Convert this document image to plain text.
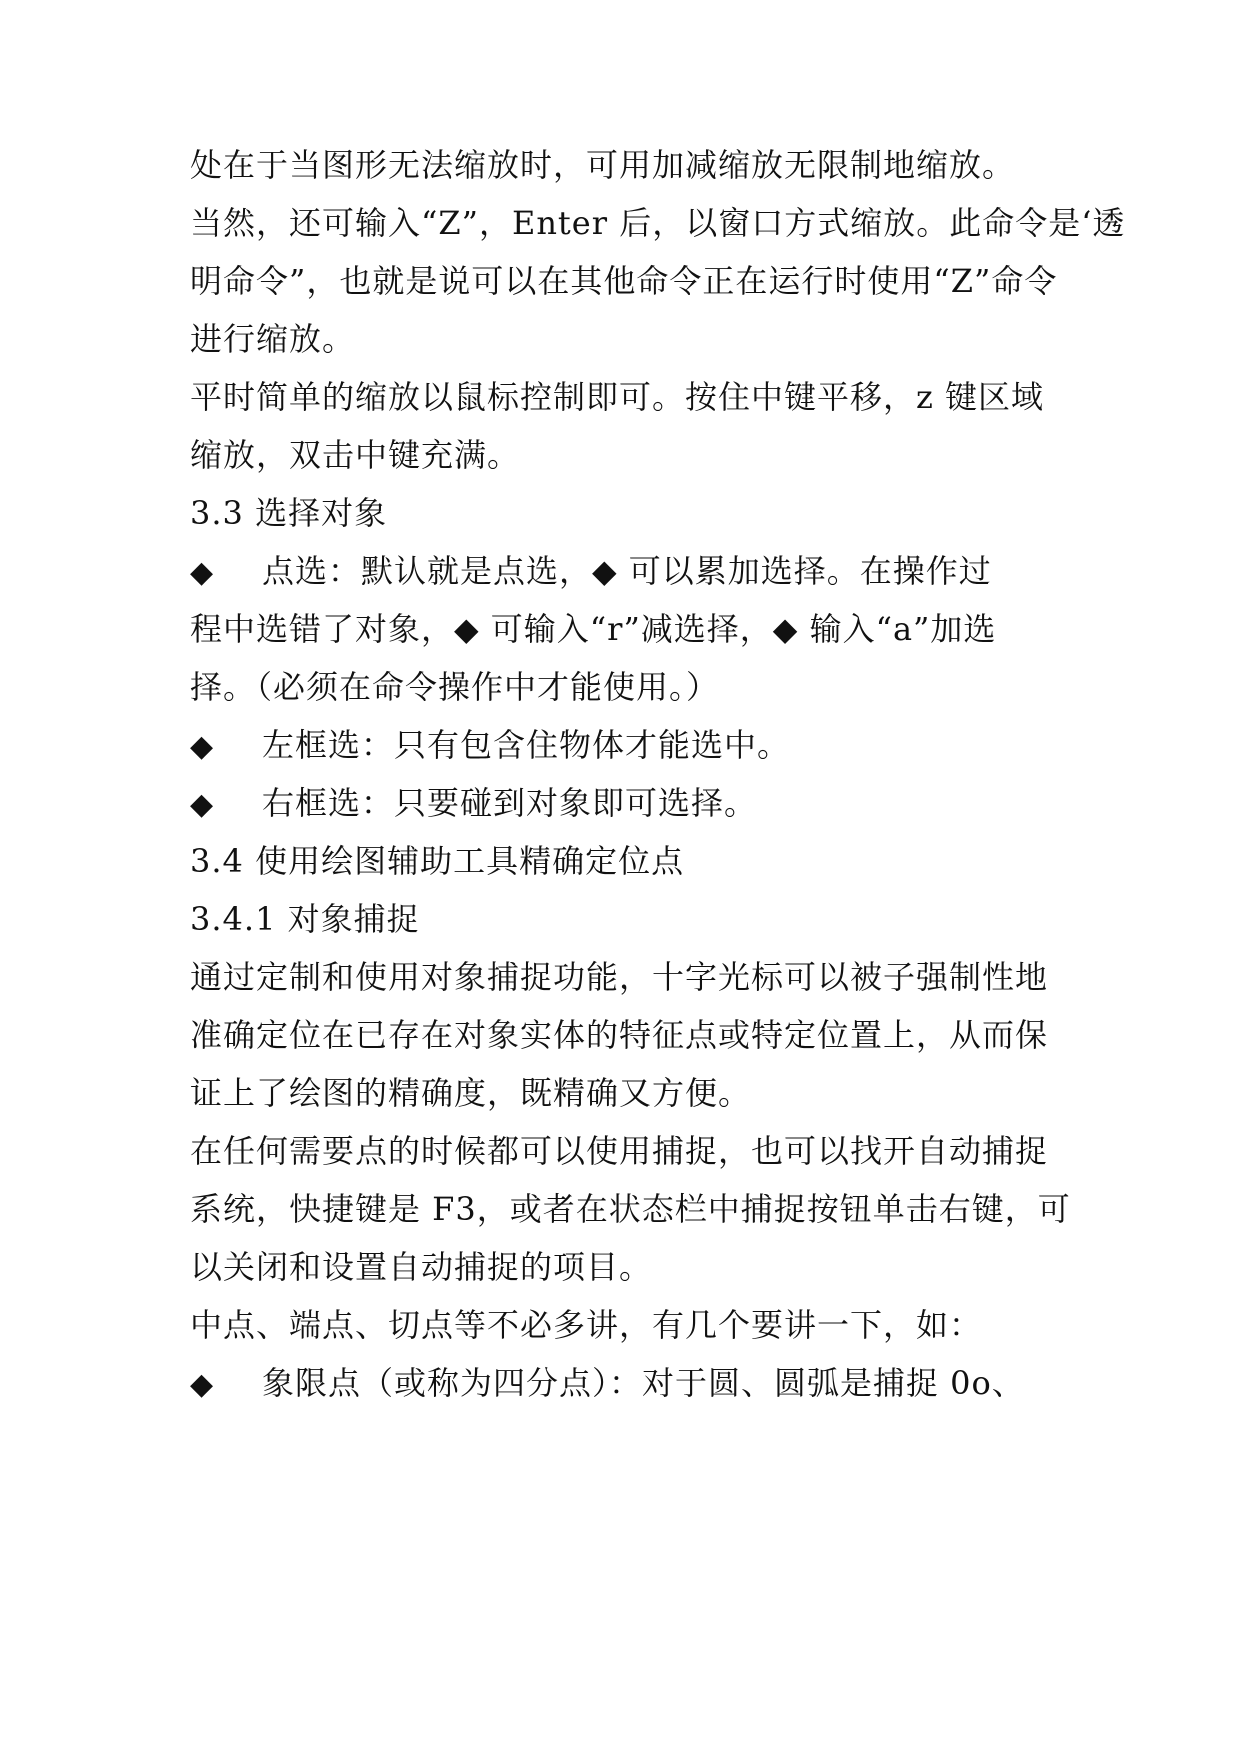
处在于当图形无法缩放时，可用加减缩放无限制地缩放。
当然，还可输入“Z”，Enter 后，以窗口方式缩放。此命令是‘透
明命令”，也就是说可以在其他命令正在运行时使用“Z”命令
进行缩放。
平时简单的缩放以鼠标控制即可。按住中键平移，z 键区域
缩放，双击中键充满。
3.3 选择对象
◆ 点选：默认就是点选，◆ 可以累加选择。在操作过
程中选错了对象，◆ 可输入“r”减选择，◆ 输入“a”加选
择。（必须在命令操作中才能使用。）
◆ 左框选：只有包含住物体才能选中。
◆ 右框选：只要碰到对象即可选择。
3.4 使用绘图辅助工具精确定位点
3.4.1 对象捕捉
通过定制和使用对象捕捉功能，十字光标可以被子强制性地
准确定位在已存在对象实体的特征点或特定位置上，从而保
证上了绘图的精确度，既精确又方便。
在任何需要点的时候都可以使用捕捉，也可以找开自动捕捉
系统，快捷键是 F3，或者在状态栏中捕捉按钮单击右键，可
以关闭和设置自动捕捉的项目。
中点、端点、切点等不必多讲，有几个要讲一下，如：
◆ 象限点（或称为四分点）：对于圆、圆弧是捕捉 0o、
